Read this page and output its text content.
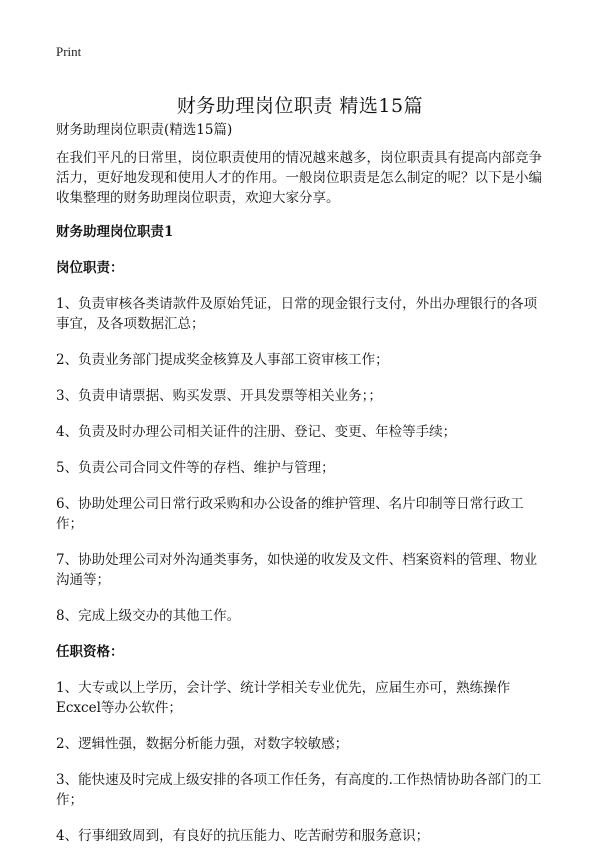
Print
财务助理岗位职责 精选15篇

财务助理岗位职责(精选15篇)

在我们平凡的日常里，岗位职责使用的情况越来越多，岗位职责具有提高内部竞争活力，更好地发现和使用人才的作用。一般岗位职责是怎么制定的呢？以下是小编收集整理的财务助理岗位职责，欢迎大家分享。

财务助理岗位职责1

岗位职责：

1、负责审核各类请款件及原始凭证，日常的现金银行支付，外出办理银行的各项事宜，及各项数据汇总；

2、负责业务部门提成奖金核算及人事部工资审核工作；

3、负责申请票据、购买发票、开具发票等相关业务；；

4、负责及时办理公司相关证件的注册、登记、变更、年检等手续；

5、负责公司合同文件等的存档、维护与管理；

6、协助处理公司日常行政采购和办公设备的维护管理、名片印制等日常行政工作；

7、协助处理公司对外沟通类事务，如快递的收发及文件、档案资料的管理、物业沟通等；

8、完成上级交办的其他工作。

任职资格：

1、大专或以上学历，会计学、统计学相关专业优先，应届生亦可，熟练操作Ecxcel等办公软件；

2、逻辑性强，数据分析能力强，对数字较敏感；

3、能快速及时完成上级安排的各项工作任务，有高度的.工作热情协助各部门的工作；

4、行事细致周到，有良好的抗压能力、吃苦耐劳和服务意识；
